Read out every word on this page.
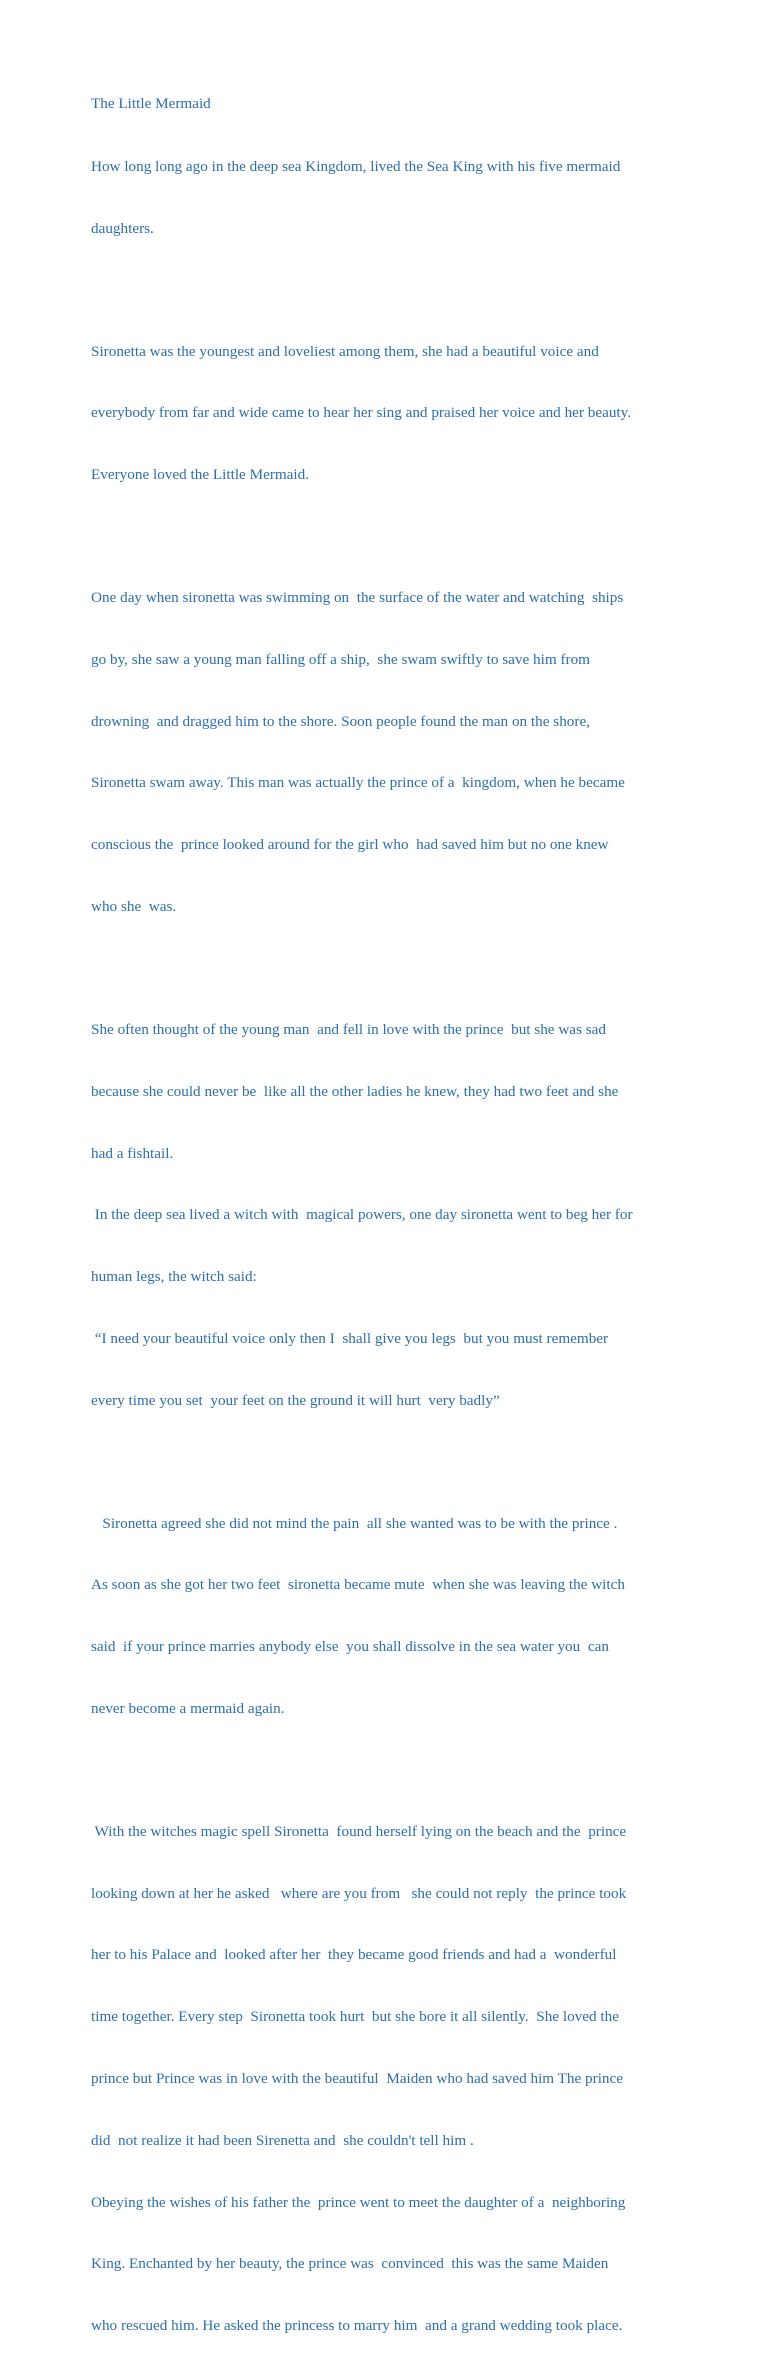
The Little Mermaid

How long long ago in the deep sea Kingdom, lived the Sea King with his five mermaid

daughters.

Sironetta was the youngest and loveliest among them, she had a beautiful voice and

everybody from far and wide came to hear her sing and praised her voice and her beauty.

Everyone loved the Little Mermaid.

One day when sironetta was swimming on  the surface of the water and watching  ships

go by, she saw a young man falling off a ship,  she swam swiftly to save him from

drowning  and dragged him to the shore. Soon people found the man on the shore,

Sironetta swam away. This man was actually the prince of a  kingdom, when he became

conscious the  prince looked around for the girl who  had saved him but no one knew

who she  was.

She often thought of the young man  and fell in love with the prince  but she was sad

because she could never be  like all the other ladies he knew, they had two feet and she

had a fishtail.

In the deep sea lived a witch with  magical powers, one day sironetta went to beg her for

human legs, the witch said:

“I need your beautiful voice only then I  shall give you legs  but you must remember

every time you set  your feet on the ground it will hurt  very badly”

Sironetta agreed she did not mind the pain  all she wanted was to be with the prince .

As soon as she got her two feet  sironetta became mute  when she was leaving the witch

said  if your prince marries anybody else  you shall dissolve in the sea water you  can

never become a mermaid again.

With the witches magic spell Sironetta  found herself lying on the beach and the  prince

looking down at her he asked   where are you from   she could not reply  the prince took

her to his Palace and  looked after her  they became good friends and had a  wonderful

time together. Every step  Sironetta took hurt  but she bore it all silently.  She loved the

prince but Prince was in love with the beautiful  Maiden who had saved him The prince

did  not realize it had been Sirenetta and  she couldn't tell him .

Obeying the wishes of his father the  prince went to meet the daughter of a  neighboring

King. Enchanted by her beauty, the prince was  convinced  this was the same Maiden

who rescued him. He asked the princess to marry him  and a grand wedding took place.
